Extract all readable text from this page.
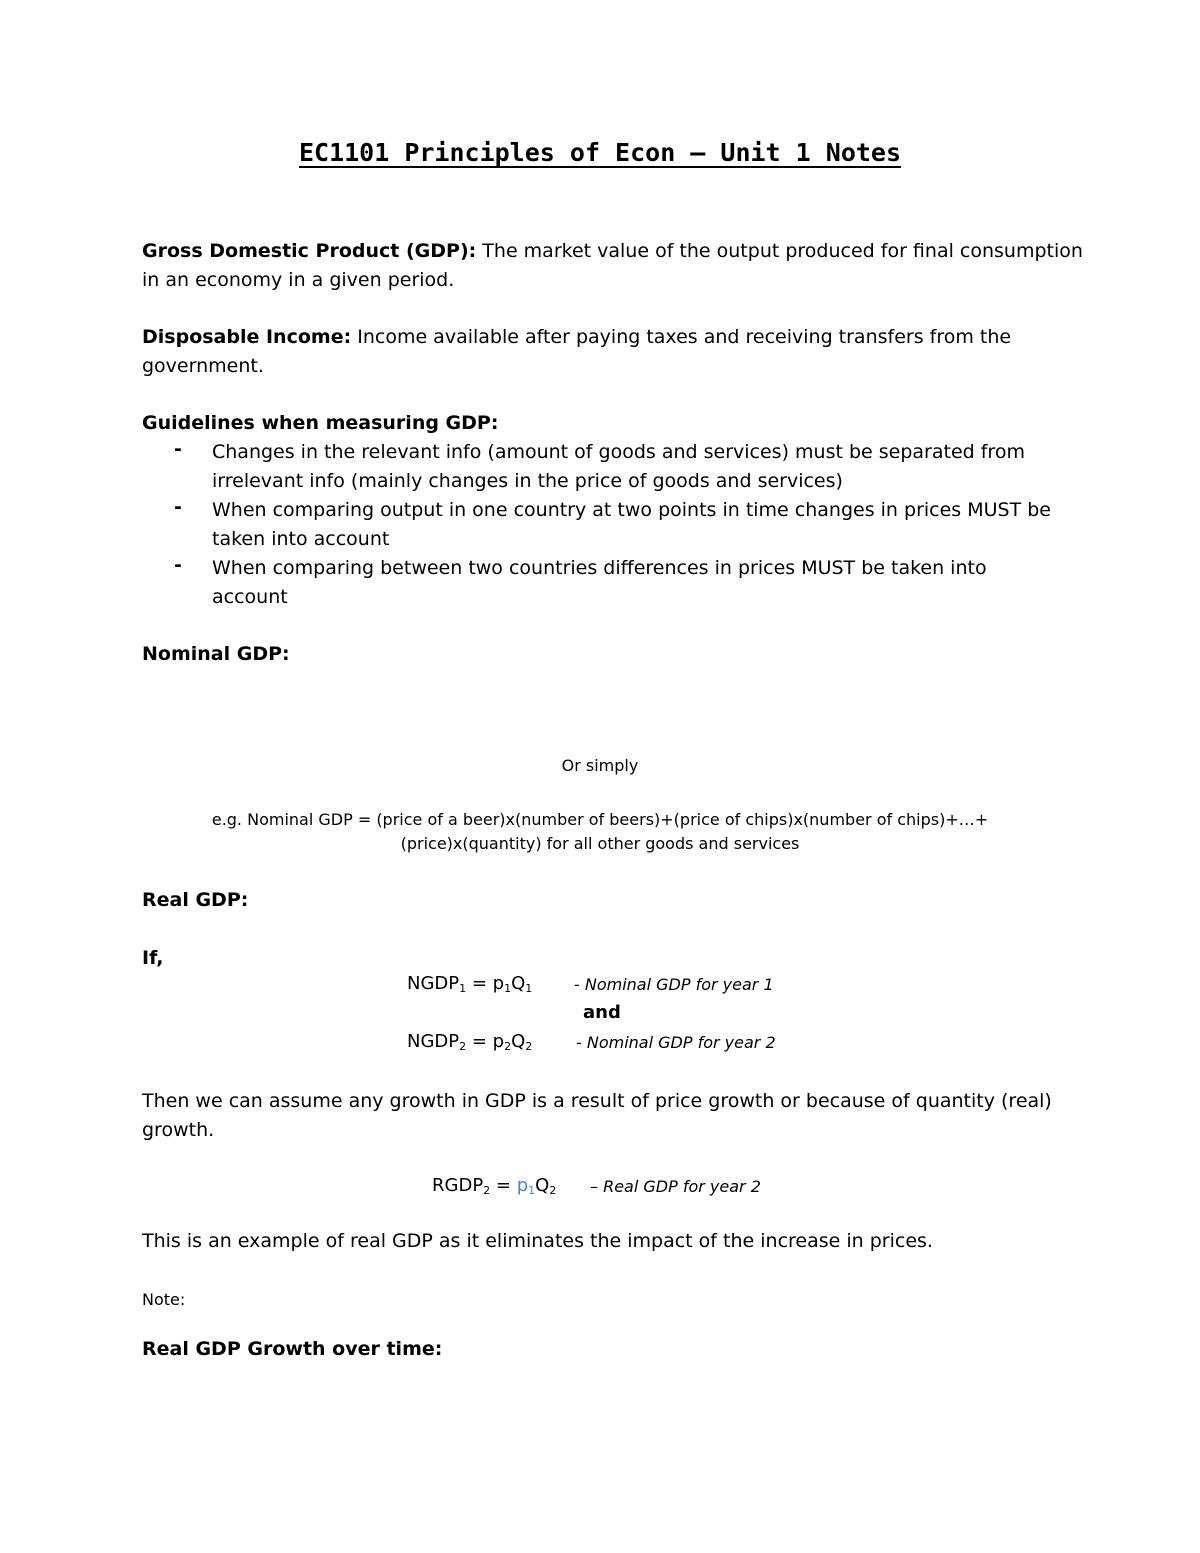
EC1101 Principles of Econ – Unit 1 Notes
Gross Domestic Product (GDP): The market value of the output produced for final consumption
in an economy in a given period.
Disposable Income: Income available after paying taxes and receiving transfers from the
government.
Guidelines when measuring GDP:
- Changes in the relevant info (amount of goods and services) must be separated from
irrelevant info (mainly changes in the price of goods and services)
- When comparing output in one country at two points in time changes in prices MUST be
taken into account
- When comparing between two countries differences in prices MUST be taken into
account
Nominal GDP:
Or simply
e.g. Nominal GDP = (price of a beer)x(number of beers)+(price of chips)x(number of chips)+…+
(price)x(quantity) for all other goods and services
Real GDP:
If,
$NGDP_1 = p_1Q_1$	- Nominal GDP for year 1
and
$NGDP_2 = p_2Q_2$	- Nominal GDP for year 2
Then we can assume any growth in GDP is a result of price growth or because of quantity (real)
growth.
$RGDP_2 = p_1Q_2$ – Real GDP for year 2
This is an example of real GDP as it eliminates the impact of the increase in prices.
Note:
Real GDP Growth over time:
